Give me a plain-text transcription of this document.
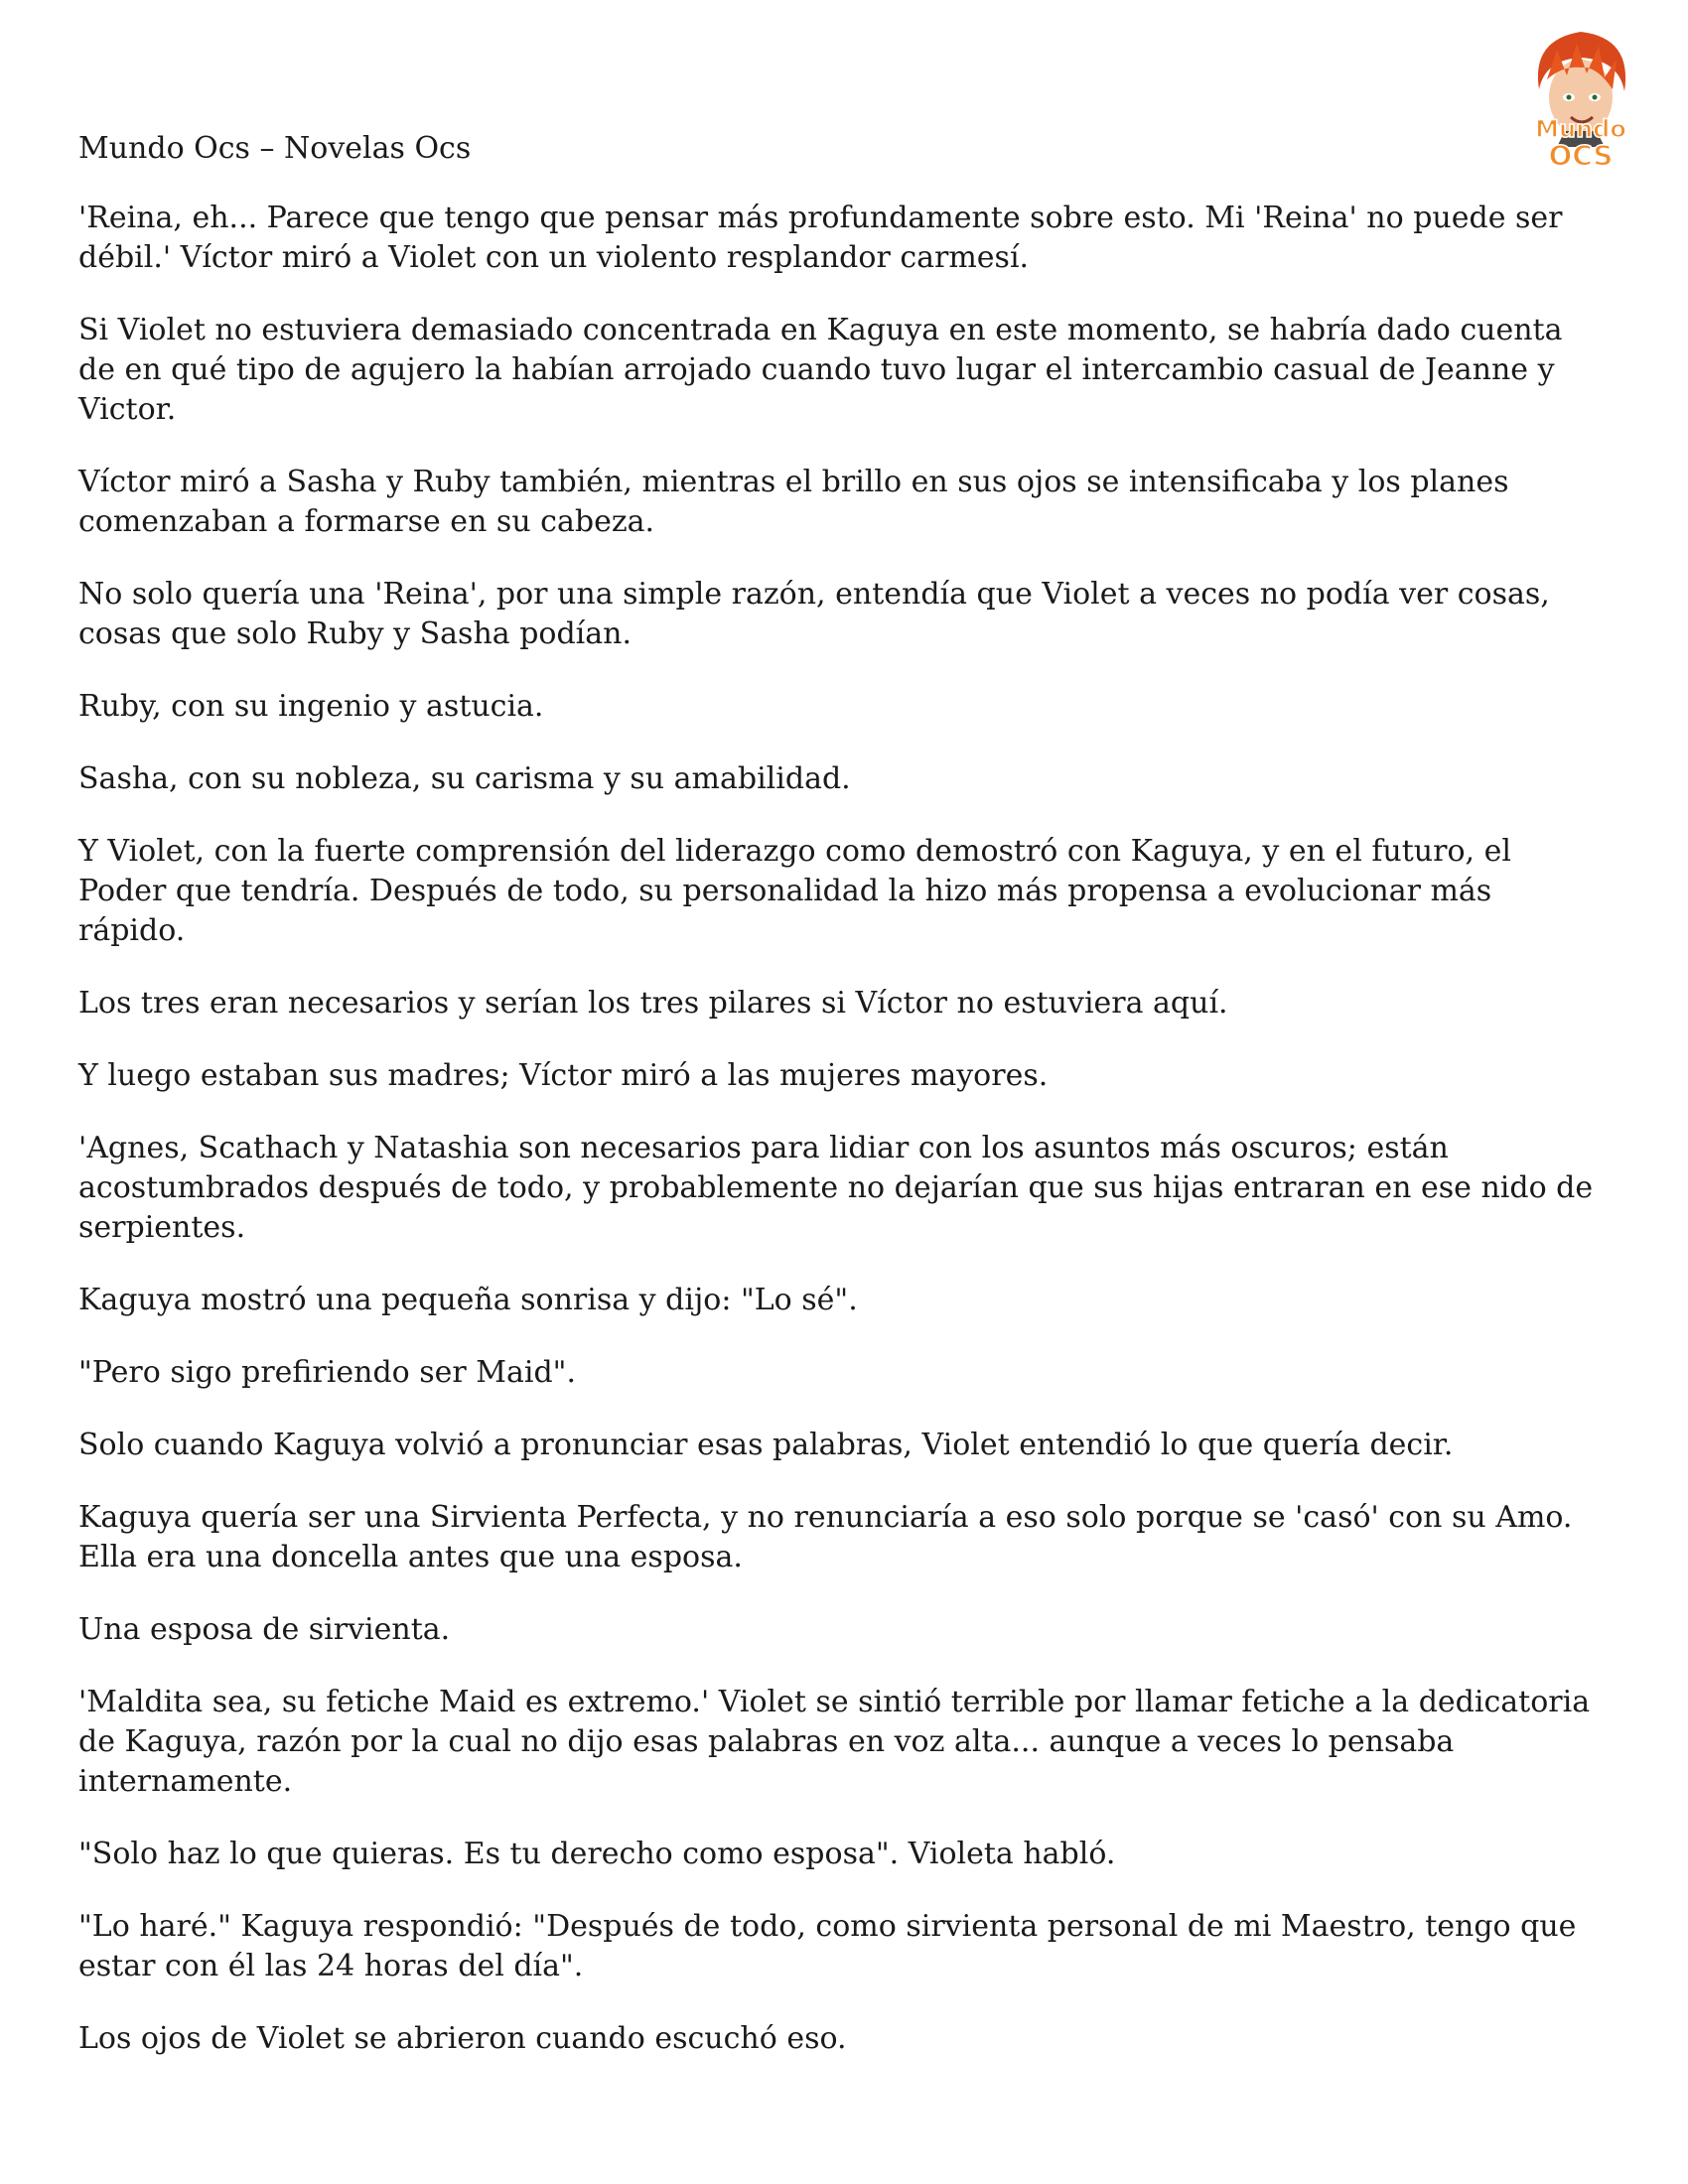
Mundo
OCS
Mundo Ocs – Novelas Ocs

'Reina, eh... Parece que tengo que pensar más profundamente sobre esto. Mi 'Reina' no puede ser débil.' Víctor miró a Violet con un violento resplandor carmesí.

Si Violet no estuviera demasiado concentrada en Kaguya en este momento, se habría dado cuenta de en qué tipo de agujero la habían arrojado cuando tuvo lugar el intercambio casual de Jeanne y Victor.

Víctor miró a Sasha y Ruby también, mientras el brillo en sus ojos se intensificaba y los planes comenzaban a formarse en su cabeza.

No solo quería una 'Reina', por una simple razón, entendía que Violet a veces no podía ver cosas, cosas que solo Ruby y Sasha podían.

Ruby, con su ingenio y astucia.

Sasha, con su nobleza, su carisma y su amabilidad.

Y Violet, con la fuerte comprensión del liderazgo como demostró con Kaguya, y en el futuro, el Poder que tendría. Después de todo, su personalidad la hizo más propensa a evolucionar más rápido.

Los tres eran necesarios y serían los tres pilares si Víctor no estuviera aquí.

Y luego estaban sus madres; Víctor miró a las mujeres mayores.

'Agnes, Scathach y Natashia son necesarios para lidiar con los asuntos más oscuros; están acostumbrados después de todo, y probablemente no dejarían que sus hijas entraran en ese nido de serpientes.

Kaguya mostró una pequeña sonrisa y dijo: "Lo sé".

"Pero sigo prefiriendo ser Maid".

Solo cuando Kaguya volvió a pronunciar esas palabras, Violet entendió lo que quería decir.

Kaguya quería ser una Sirvienta Perfecta, y no renunciaría a eso solo porque se 'casó' con su Amo. Ella era una doncella antes que una esposa.

Una esposa de sirvienta.

'Maldita sea, su fetiche Maid es extremo.' Violet se sintió terrible por llamar fetiche a la dedicatoria de Kaguya, razón por la cual no dijo esas palabras en voz alta... aunque a veces lo pensaba internamente.

"Solo haz lo que quieras. Es tu derecho como esposa". Violeta habló.

"Lo haré." Kaguya respondió: "Después de todo, como sirvienta personal de mi Maestro, tengo que estar con él las 24 horas del día".

Los ojos de Violet se abrieron cuando escuchó eso.
